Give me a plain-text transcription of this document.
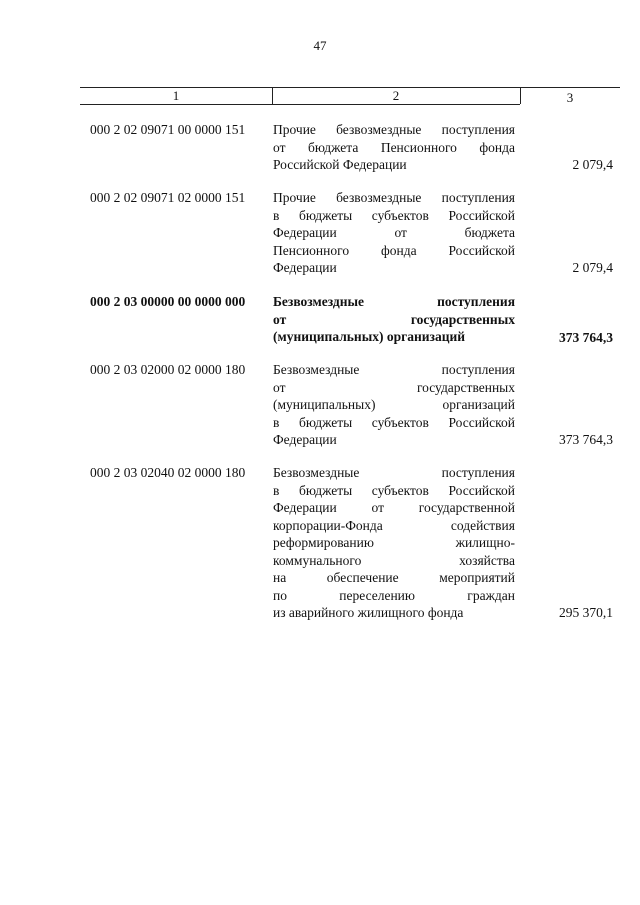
47
1	2	3
000 2 02 09071 00 0000 151 Прочие безвозмездные поступления
от бюджета Пенсионного фонда
Российской Федерации	2 079,4
000 2 02 09071 02 0000 151 Прочие безвозмездные поступления
в бюджеты субъектов Российской
Федерации от бюджета
Пенсионного фонда Российской
Федерации	2 079,4
000 2 03 00000 00 0000 000 Безвозмездные поступления
от государственных
(муниципальных) организаций	373 764,3
000 2 03 02000 02 0000 180 Безвозмездные поступления
от государственных
(муниципальных) организаций
в бюджеты субъектов Российской
Федерации	373 764,3
000 2 03 02040 02 0000 180 Безвозмездные поступления
в бюджеты субъектов Российской
Федерации от государственной
корпорации-Фонда содействия
реформированию жилищно-
коммунального хозяйства
на обеспечение мероприятий
по переселению граждан
из аварийного жилищного фонда	295 370,1
